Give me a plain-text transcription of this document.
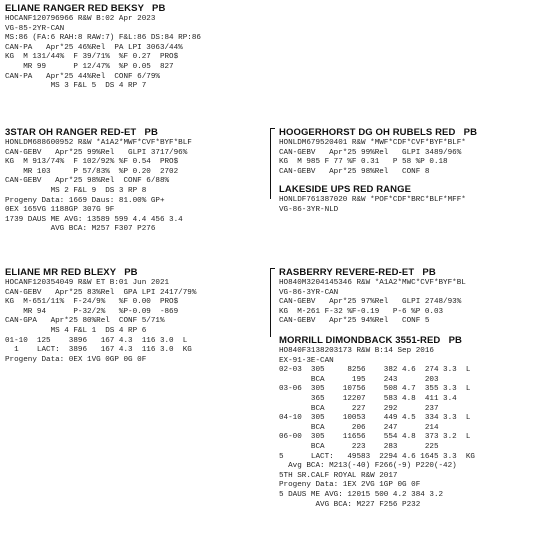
ELIANE RANGER RED BEKSY   PB
HOCANF120796966 R&W B:02 Apr 2023
VG-85-2YR-CAN
MS:86 (FA:6 RAH:8 RAW:7) F&L:86 DS:84 RP:86
CAN-PA   Apr*25 46%Rel  PA LPI 3063/44%
KG  M 131/44%  F 39/71%  %F 0.27  PRO$
MR 99      P 12/47%  %P 0.05  827
CAN-PA   Apr*25 44%Rel  CONF 6/79%
MS 3 F&L 5  DS 4 RP 7
3STAR OH RANGER RED-ET   PB
HONLDM688600952 R&W *A1A2*MWF*CVF*BYF*BLF
CAN-GEBV   Apr*25 99%Rel   GLPI 3717/96%
KG  M 913/74%  F 102/92% %F 0.54  PRO$
MR 103     P 57/83%  %P 0.20  2702
CAN-GEBV   Apr*25 98%Rel  CONF 6/88%
MS 2 F&L 9  DS 3 RP 8
Progeny Data: 1669 Daus: 81.00% GP+
0EX 165VG 1188GP 307G 9F
1739 DAUS ME AVG: 13589 599 4.4 456 3.4
AVG BCA: M257 F307 P276
ELIANE MR RED BLEXY   PB
HOCANF120354049 R&W ET B:01 Jun 2021
CAN-GEBV   Apr*25 83%Rel  GPA LPI 2417/79%
KG  M-651/11%  F-24/9%   %F 0.00  PRO$
MR 94      P-32/2%   %P-0.09  -869
CAN-GPA   Apr*25 80%Rel  CONF 5/71%
MS 4 F&L 1  DS 4 RP 6
01-10  125    3896   167 4.3  116 3.0  L
1    LACT:  3896   167 4.3  116 3.0  KG
Progeny Data: 0EX 1VG 0GP 0G 0F
HOOGERHORST DG OH RUBELS RED   PB
HONLDM679520401 R&W *MWF*CDF*CVF*BYF*BLF*
CAN-GEBV   Apr*25 99%Rel   GLPI 3489/96%
KG  M 985 F 77 %F 0.31   P 58 %P 0.18
CAN-GEBV   Apr*25 98%Rel   CONF 8
LAKESIDE UPS RED RANGE
HONLDF761387020 R&W *POF*CDF*BRC*BLF*MFF*
VG-86-3YR-NLD
RASBERRY REVERE-RED-ET   PB
HO840M3204145346 R&W *A1A2*MWC*CVF*BYF*BL
VG-86-3YR-CAN
CAN-GEBV   Apr*25 97%Rel   GLPI 2748/93%
KG  M-261 F-32 %F-0.19   P-6 %P 0.03
CAN-GEBV   Apr*25 94%Rel   CONF 5
MORRILL DIMONDBACK 3551-RED   PB
HO840F3138203173 R&W B:14 Sep 2016
EX-91-3E-CAN
02-03  305     8256    382 4.6  274 3.3  L
BCA      195    243      203
03-06  305    10756    508 4.7  355 3.3  L
365    12207    583 4.8  411 3.4
BCA      227    292      237
04-10  305    10053    449 4.5  334 3.3  L
BCA      206    247      214
06-00  305    11656    554 4.8  373 3.2  L
BCA      223    283      225
5      LACT:   49583  2294 4.6 1645 3.3  KG
Avg BCA: M213(-40) F266(-9) P220(-42)
5TH SR.CALF ROYAL R&W 2017
Progeny Data: 1EX 2VG 1GP 0G 0F
5 DAUS ME AVG: 12015 500 4.2 384 3.2
AVG BCA: M227 F256 P232
